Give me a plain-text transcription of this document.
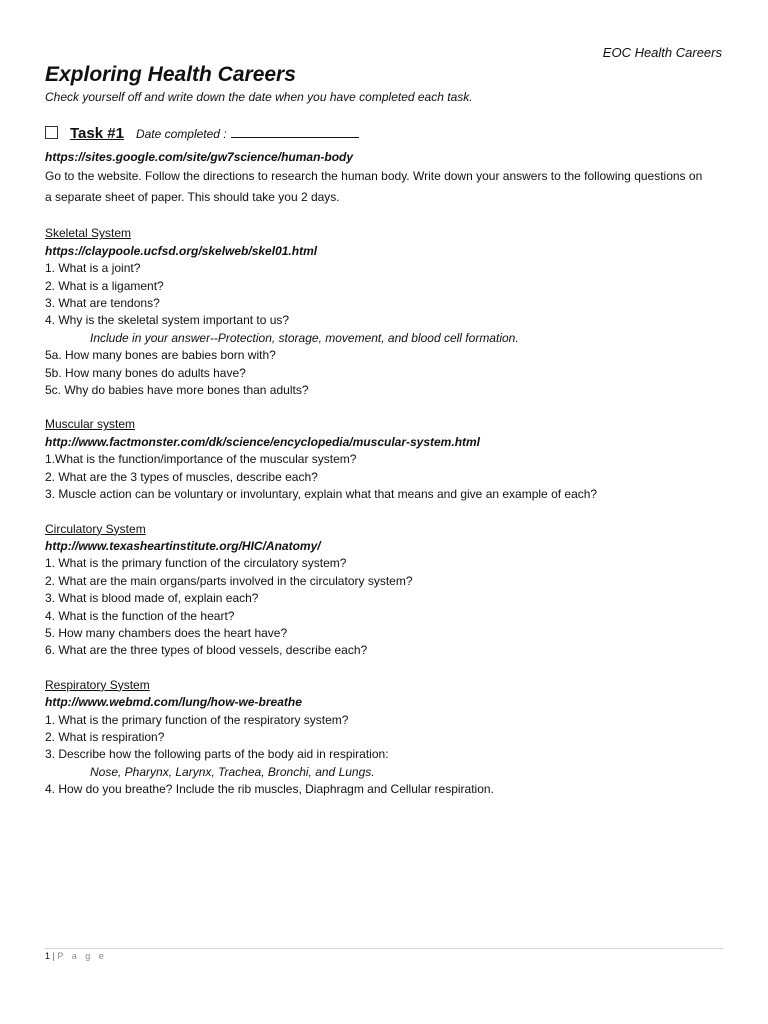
EOC Health Careers
Exploring Health Careers
Check yourself off and write down the date when you have completed each task.
Task #1 Date completed :
https://sites.google.com/site/gw7science/human-body

Go to the website. Follow the directions to research the human body. Write down your answers to the following questions on a separate sheet of paper. This should take you 2 days.

Skeletal System
https://claypoole.ucfsd.org/skelweb/skel01.html
1. What is a joint?
2. What is a ligament?
3. What are tendons?
4. Why is the skeletal system important to us?
Include in your answer--Protection, storage, movement, and blood cell formation.
5a. How many bones are babies born with?
5b. How many bones do adults have?
5c. Why do babies have more bones than adults?
Muscular system
http://www.factmonster.com/dk/science/encyclopedia/muscular-system.html
1.What is the function/importance of the muscular system?
2. What are the 3 types of muscles, describe each?
3. Muscle action can be voluntary or involuntary, explain what that means and give an example of each?
Circulatory System
http://www.texasheartinstitute.org/HIC/Anatomy/
1. What is the primary function of the circulatory system?
2. What are the main organs/parts involved in the circulatory system?
3. What is blood made of, explain each?
4. What is the function of the heart?
5. How many chambers does the heart have?
6. What are the three types of blood vessels, describe each?
Respiratory System
http://www.webmd.com/lung/how-we-breathe
1. What is the primary function of the respiratory system?
2. What is respiration?
3. Describe how the following parts of the body aid in respiration:
Nose, Pharynx, Larynx, Trachea, Bronchi, and Lungs.
4. How do you breathe? Include the rib muscles, Diaphragm and Cellular respiration.
1 | P a g e
